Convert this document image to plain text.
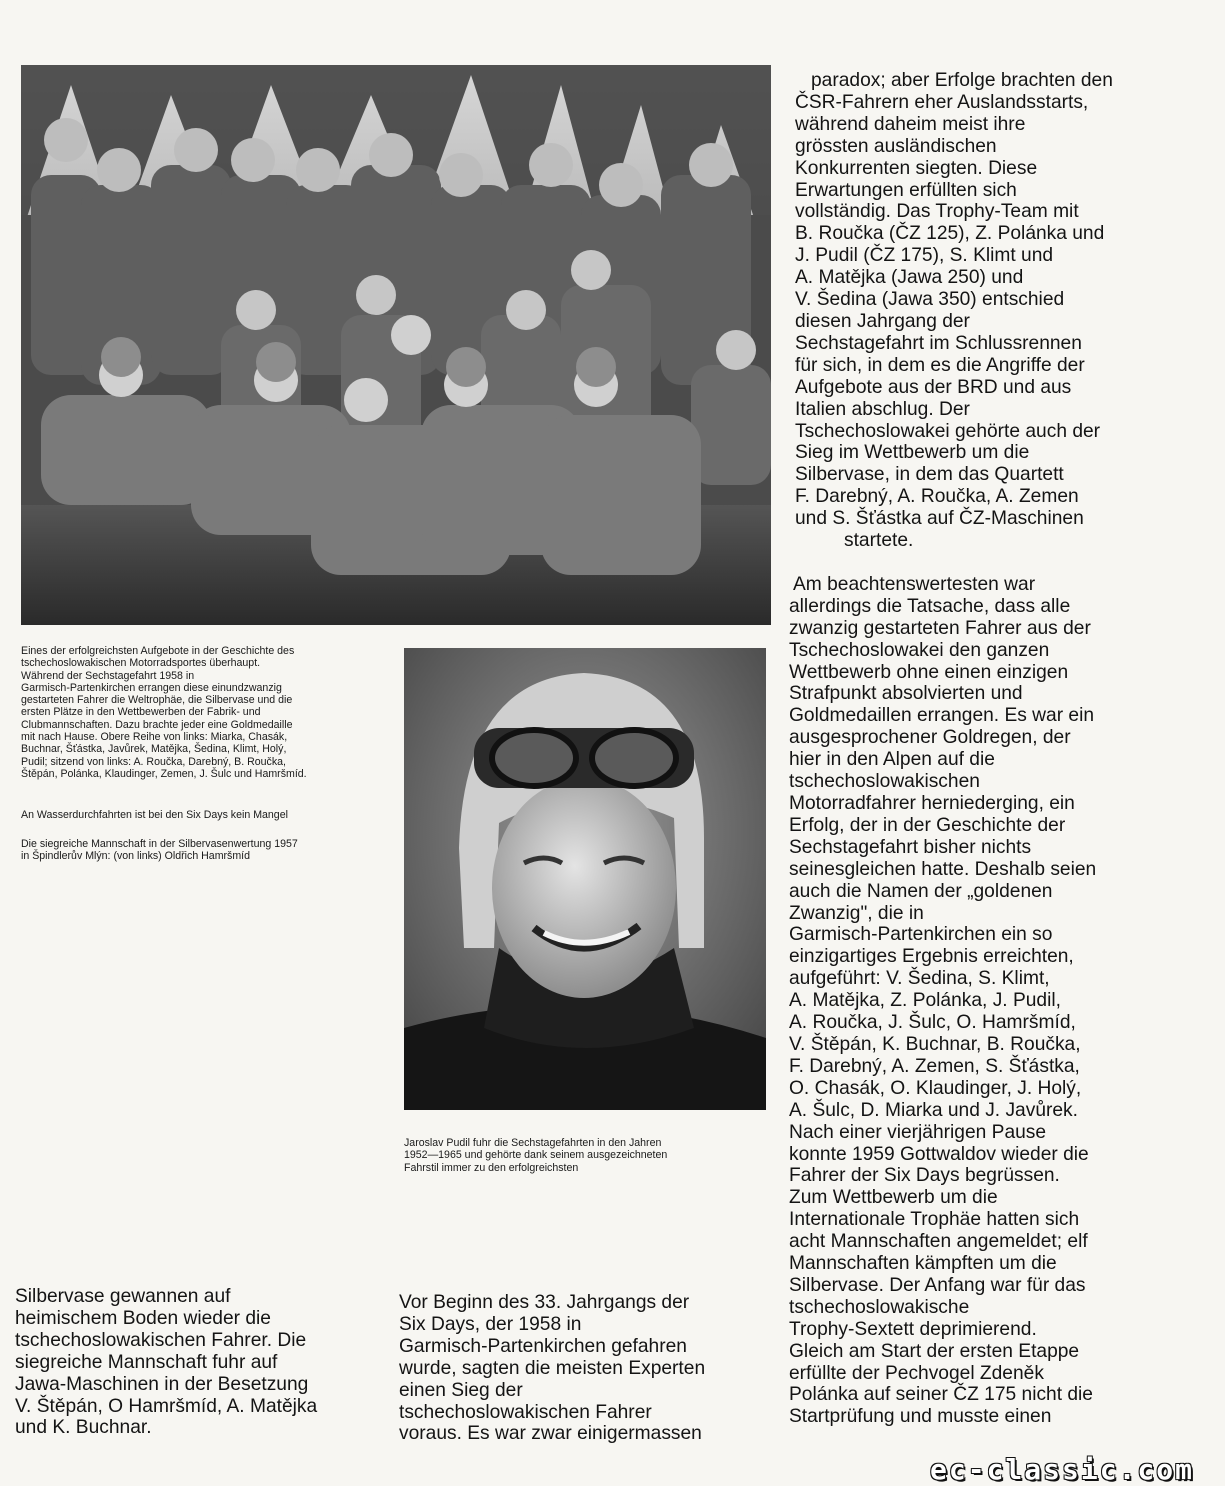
Eines der erfolgreichsten Aufgebote in der Geschichte des

tschechoslowakischen Motorradsportes überhaupt.

Während der Sechstagefahrt 1958 in

Garmisch-Partenkirchen errangen diese einundzwanzig

gestarteten Fahrer die Weltrophäe, die Silbervase und die

ersten Plätze in den Wettbewerben der Fabrik- und

Clubmannschaften. Dazu brachte jeder eine Goldmedaille

mit nach Hause. Obere Reihe von links: Miarka, Chasák,

Buchnar, Šťástka, Javůrek, Matějka, Šedina, Klimt, Holý,

Pudil; sitzend von links: A. Roučka, Darebný, B. Roučka,

Štěpán, Polánka, Klaudinger, Zemen, J. Šulc und Hamršmíd.

An Wasserdurchfahrten ist bei den Six Days kein Mangel

Die siegreiche Mannschaft in der Silbervasenwertung 1957

in Špindlerův Mlýn: (von links) Oldřich Hamršmíd

Jaroslav Pudil fuhr die Sechstagefahrten in den Jahren

1952—1965 und gehörte dank seinem ausgezeichneten

Fahrstil immer zu den erfolgreichsten

Silbervase gewannen auf

heimischem Boden wieder die

tschechoslowakischen Fahrer. Die

siegreiche Mannschaft fuhr auf

Jawa-Maschinen in der Besetzung

V. Štěpán, O Hamršmíd, A. Matějka

und K. Buchnar.

Vor Beginn des 33. Jahrgangs der

Six Days, der 1958 in

Garmisch-Partenkirchen gefahren

wurde, sagten die meisten Experten

einen Sieg der

tschechoslowakischen Fahrer

voraus. Es war zwar einigermassen

paradox; aber Erfolge brachten den

ČSR-Fahrern eher Auslandsstarts,

während daheim meist ihre

grössten ausländischen

Konkurrenten siegten. Diese

Erwartungen erfüllten sich

vollständig. Das Trophy-Team mit

B. Roučka (ČZ 125), Z. Polánka und

J. Pudil (ČZ 175), S. Klimt und

A. Matějka (Jawa 250) und

V. Šedina (Jawa 350) entschied

diesen Jahrgang der

Sechstagefahrt im Schlussrennen

für sich, in dem es die Angriffe der

Aufgebote aus der BRD und aus

Italien abschlug. Der

Tschechoslowakei gehörte auch der

Sieg im Wettbewerb um die

Silbervase, in dem das Quartett

F. Darebný, A. Roučka, A. Zemen

und S. Šťástka auf ČZ-Maschinen

startete.

Am beachtenswertesten war

allerdings die Tatsache, dass alle

zwanzig gestarteten Fahrer aus der

Tschechoslowakei den ganzen

Wettbewerb ohne einen einzigen

Strafpunkt absolvierten und

Goldmedaillen errangen. Es war ein

ausgesprochener Goldregen, der

hier in den Alpen auf die

tschechoslowakischen

Motorradfahrer herniederging, ein

Erfolg, der in der Geschichte der

Sechstagefahrt bisher nichts

seinesgleichen hatte. Deshalb seien

auch die Namen der „goldenen

Zwanzig", die in

Garmisch-Partenkirchen ein so

einzigartiges Ergebnis erreichten,

aufgeführt: V. Šedina, S. Klimt,

A. Matějka, Z. Polánka, J. Pudil,

A. Roučka, J. Šulc, O. Hamršmíd,

V. Štěpán, K. Buchnar, B. Roučka,

F. Darebný, A. Zemen, S. Šťástka,

O. Chasák, O. Klaudinger, J. Holý,

A. Šulc, D. Miarka und J. Javůrek.

Nach einer vierjährigen Pause

konnte 1959 Gottwaldov wieder die

Fahrer der Six Days begrüssen.

Zum Wettbewerb um die

Internationale Trophäe hatten sich

acht Mannschaften angemeldet; elf

Mannschaften kämpften um die

Silbervase. Der Anfang war für das

tschechoslowakische

Trophy-Sextett deprimierend.

Gleich am Start der ersten Etappe

erfüllte der Pechvogel Zdeněk

Polánka auf seiner ČZ 175 nicht die

Startprüfung und musste einen

ec-classic.com
